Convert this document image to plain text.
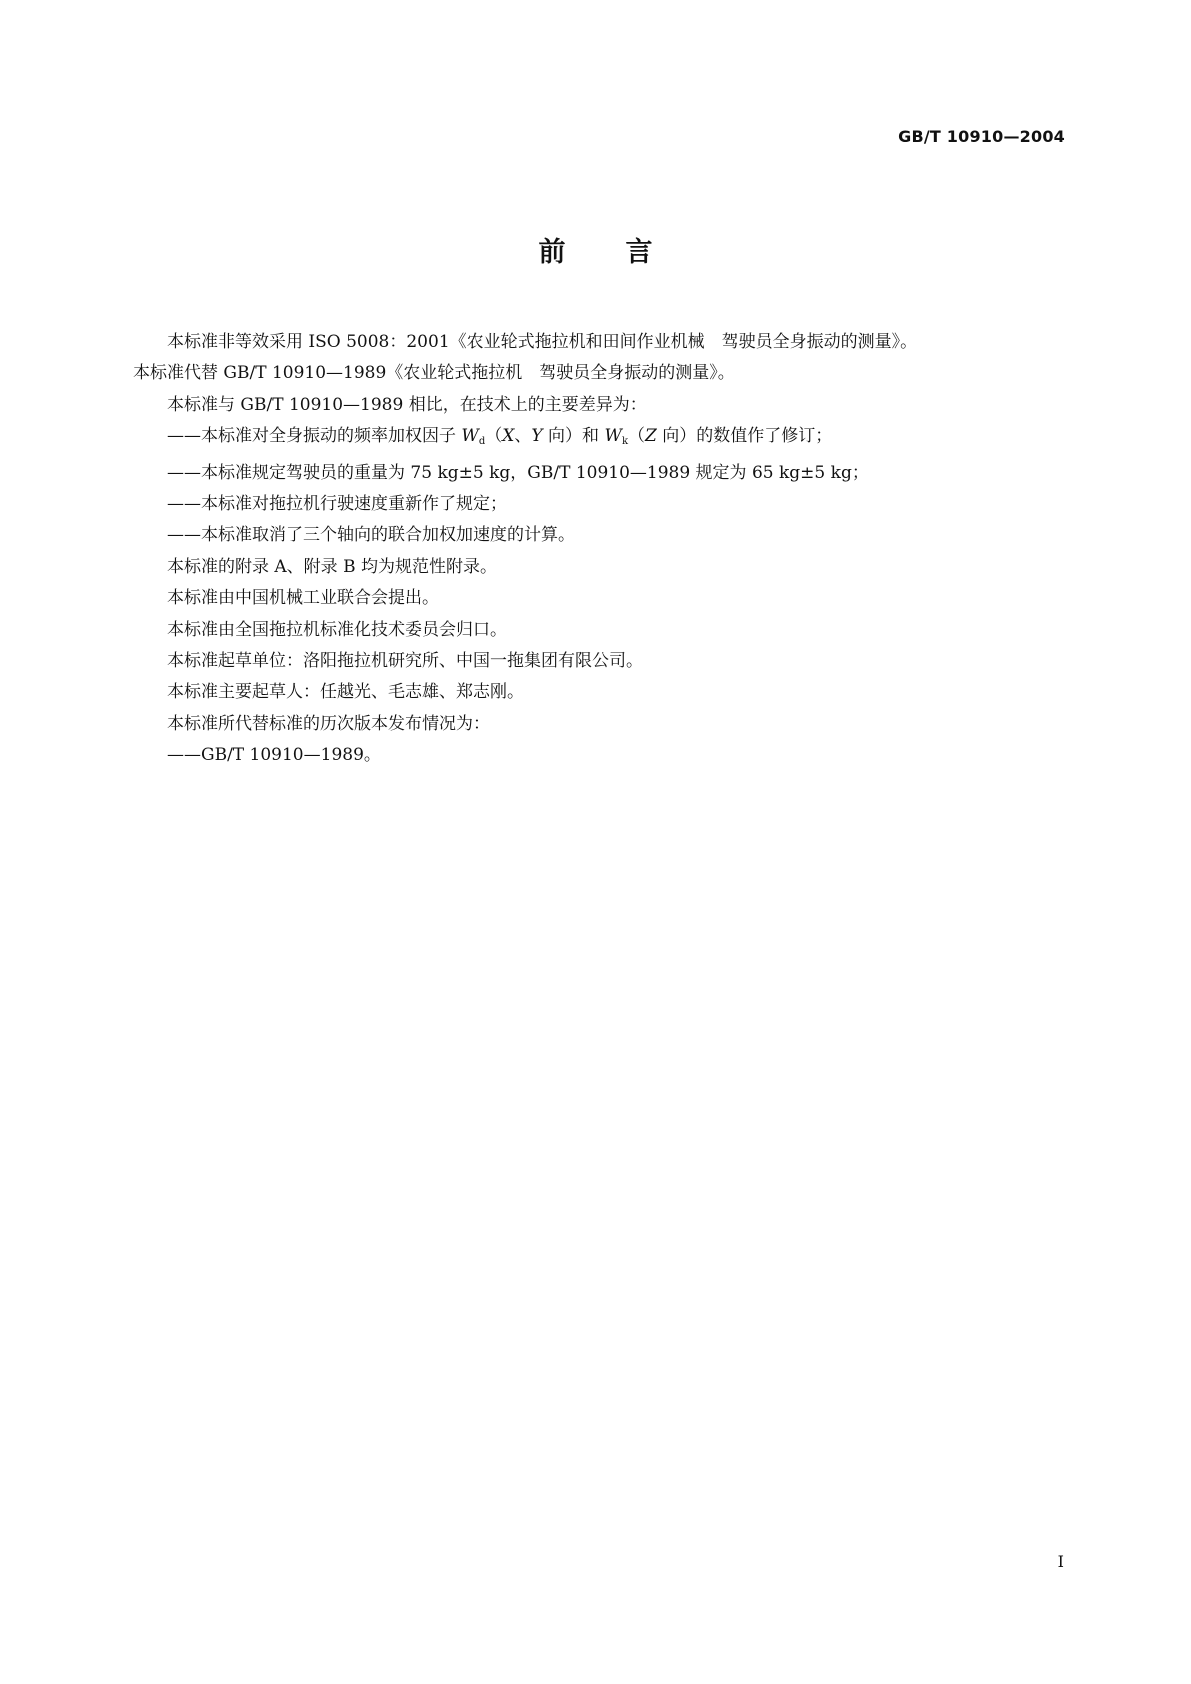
GB/T 10910—2004
前 言

本标准非等效采用 ISO 5008：2001《农业轮式拖拉机和田间作业机械　驾驶员全身振动的测量》。

本标准代替 GB/T 10910—1989《农业轮式拖拉机　驾驶员全身振动的测量》。

本标准与 GB/T 10910—1989 相比，在技术上的主要差异为：

——本标准对全身振动的频率加权因子 $W_d(X$、Y 向）和 $W_k(Z$ 向）的数值作了修订；

——本标准规定驾驶员的重量为 75 kg±5 kg，GB/T 10910—1989 规定为 65 kg±5 kg；

——本标准对拖拉机行驶速度重新作了规定；

——本标准取消了三个轴向的联合加权加速度的计算。

本标准的附录 A、附录 B 均为规范性附录。

本标准由中国机械工业联合会提出。

本标准由全国拖拉机标准化技术委员会归口。

本标准起草单位：洛阳拖拉机研究所、中国一拖集团有限公司。

本标准主要起草人：任越光、毛志雄、郑志刚。

本标准所代替标准的历次版本发布情况为：

——GB/T 10910—1989。

I
